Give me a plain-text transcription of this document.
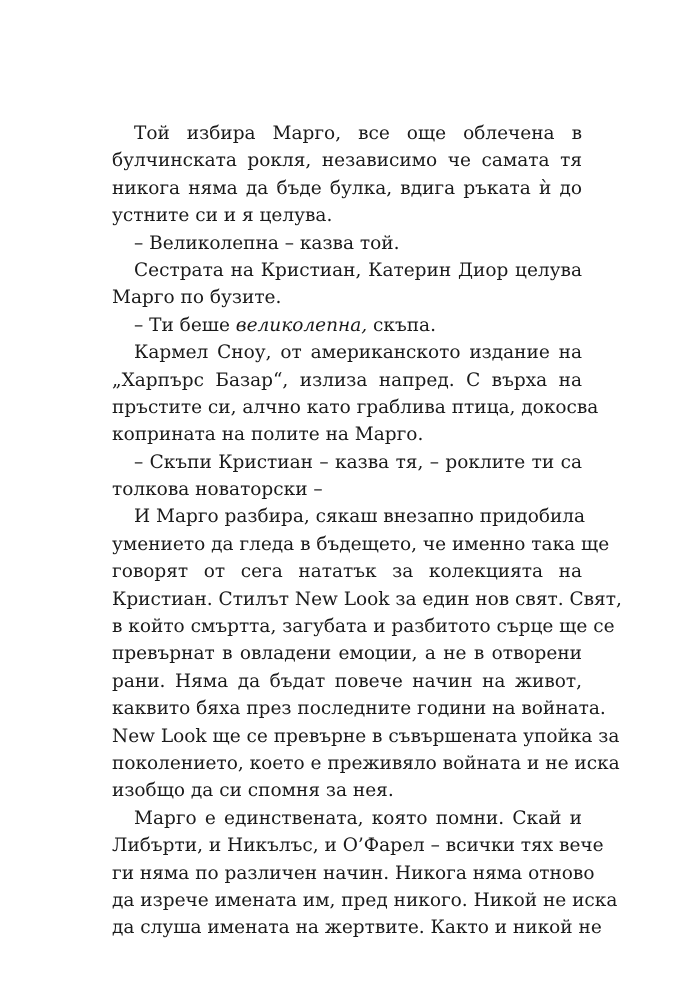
Той избира Марго, все още облечена в
булчинската рокля, независимо че самата тя
никога няма да бъде булка, вдига ръката ѝ до
устните си и я целува.
– Великолепна – казва той.
Сестрата на Кристиан, Катерин Диор целува
Марго по бузите.
– Ти беше великолепна, скъпа.
Кармел Сноу, от американското издание на
„Харпърс Базар“, излиза напред. С върха на
пръстите си, алчно като граблива птица, докосва
коприната на полите на Марго.
– Скъпи Кристиан – казва тя, – роклите ти са
толкова новаторски –
И Марго разбира, сякаш внезапно придобила
умението да гледа в бъдещето, че именно така ще
говорят от сега нататък за колекцията на
Кристиан. Стилът New Look за един нов свят. Свят,
в който смъртта, загубата и разбитото сърце ще се
превърнат в овладени емоции, а не в отворени
рани. Няма да бъдат повече начин на живот,
каквито бяха през последните години на войната.
New Look ще се превърне в съвършената упойка за
поколението, което е преживяло войната и не иска
изобщо да си спомня за нея.
Марго е единствената, която помни. Скай и
Либърти, и Никълъс, и О’Фарел – всички тях вече
ги няма по различен начин. Никога няма отново
да изрече имената им, пред никого. Никой не иска
да слуша имената на жертвите. Както и никой не
